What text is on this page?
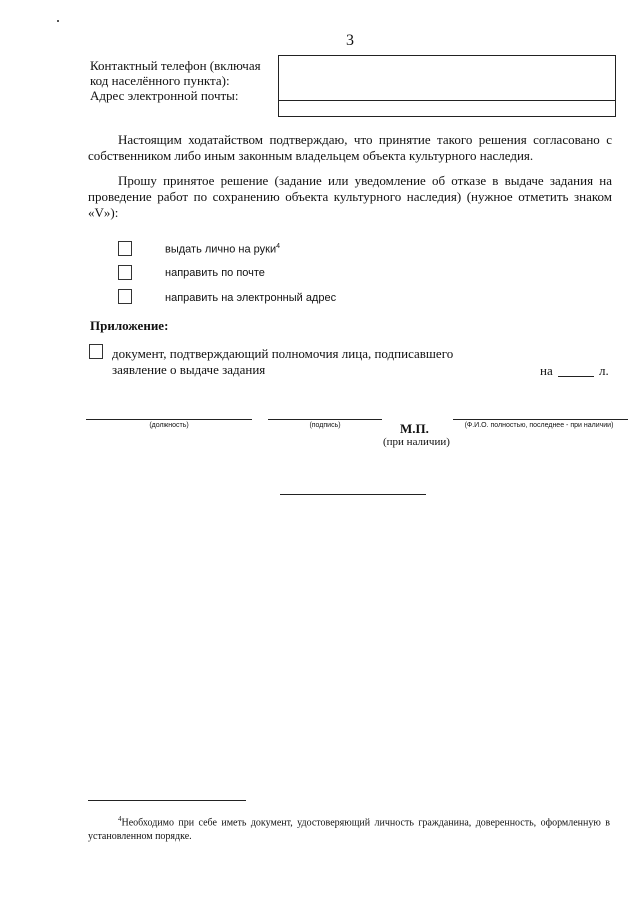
3
Контактный телефон (включая код населённого пункта):
Адрес электронной почты:
Настоящим ходатайством подтверждаю, что принятие такого решения согласовано с собственником либо иным законным владельцем объекта культурного наследия.
Прошу принятое решение (задание или уведомление об отказе в выдаче задания на проведение работ по сохранению объекта культурного наследия) (нужное отметить знаком «V»):
выдать лично на руки$^4$
направить по почте
направить на электронный адрес
Приложение:
документ, подтверждающий полномочия лица, подписавшего
заявление о выдаче задания	на	л.
(должность)	(подпись)	М.П.
(при наличии)
(Ф.И.О. полностью, последнее - при наличии)
$^4$Необходимо при себе иметь документ, удостоверяющий личность гражданина, доверенность, оформленную в установленном порядке.
